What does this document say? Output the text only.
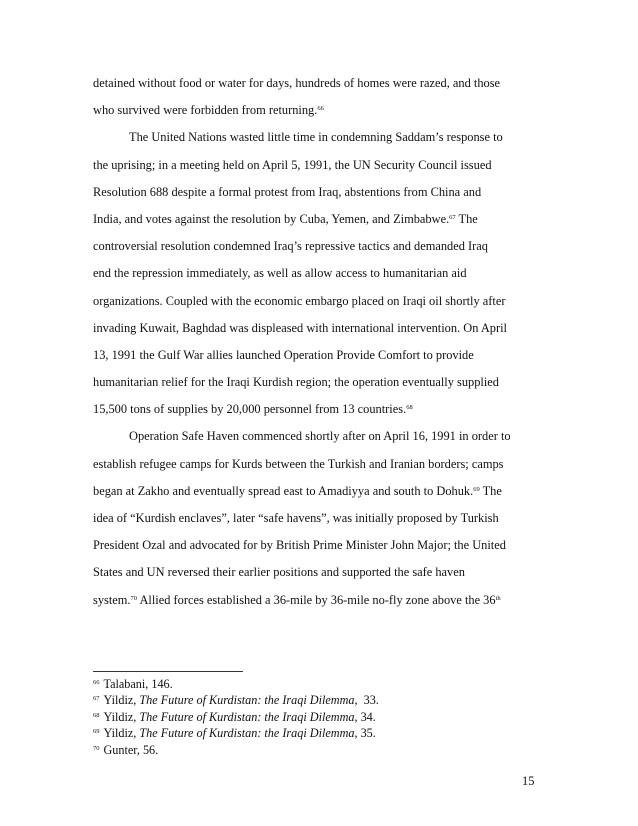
detained without food or water for days, hundreds of homes were razed, and those
who survived were forbidden from returning.$^{66}$
The United Nations wasted little time in condemning Saddam’s response to
the uprising; in a meeting held on April 5, 1991, the UN Security Council issued
Resolution 688 despite a formal protest from Iraq, abstentions from China and
India, and votes against the resolution by Cuba, Yemen, and Zimbabwe.$^{67}$ The
controversial resolution condemned Iraq’s repressive tactics and demanded Iraq
end the repression immediately, as well as allow access to humanitarian aid
organizations. Coupled with the economic embargo placed on Iraqi oil shortly after
invading Kuwait, Baghdad was displeased with international intervention. On April
13, 1991 the Gulf War allies launched Operation Provide Comfort to provide
humanitarian relief for the Iraqi Kurdish region; the operation eventually supplied
15,500 tons of supplies by 20,000 personnel from 13 countries.$^{68}$
Operation Safe Haven commenced shortly after on April 16, 1991 in order to
establish refugee camps for Kurds between the Turkish and Iranian borders; camps
began at Zakho and eventually spread east to Amadiyya and south to Dohuk.$^{69}$ The
idea of “Kurdish enclaves”, later “safe havens”, was initially proposed by Turkish
President Ozal and advocated for by British Prime Minister John Major; the United
States and UN reversed their earlier positions and supported the safe haven
system.$^{70}$ Allied forces established a 36-mile by 36-mile no-fly zone above the 36th
$^{66}$ Talabani, 146.
$^{67}$ Yildiz, The Future of Kurdistan: the Iraqi Dilemma,  33.
$^{68}$ Yildiz, The Future of Kurdistan: the Iraqi Dilemma, 34.
$^{69}$ Yildiz, The Future of Kurdistan: the Iraqi Dilemma, 35.
$^{70}$ Gunter, 56.
15
